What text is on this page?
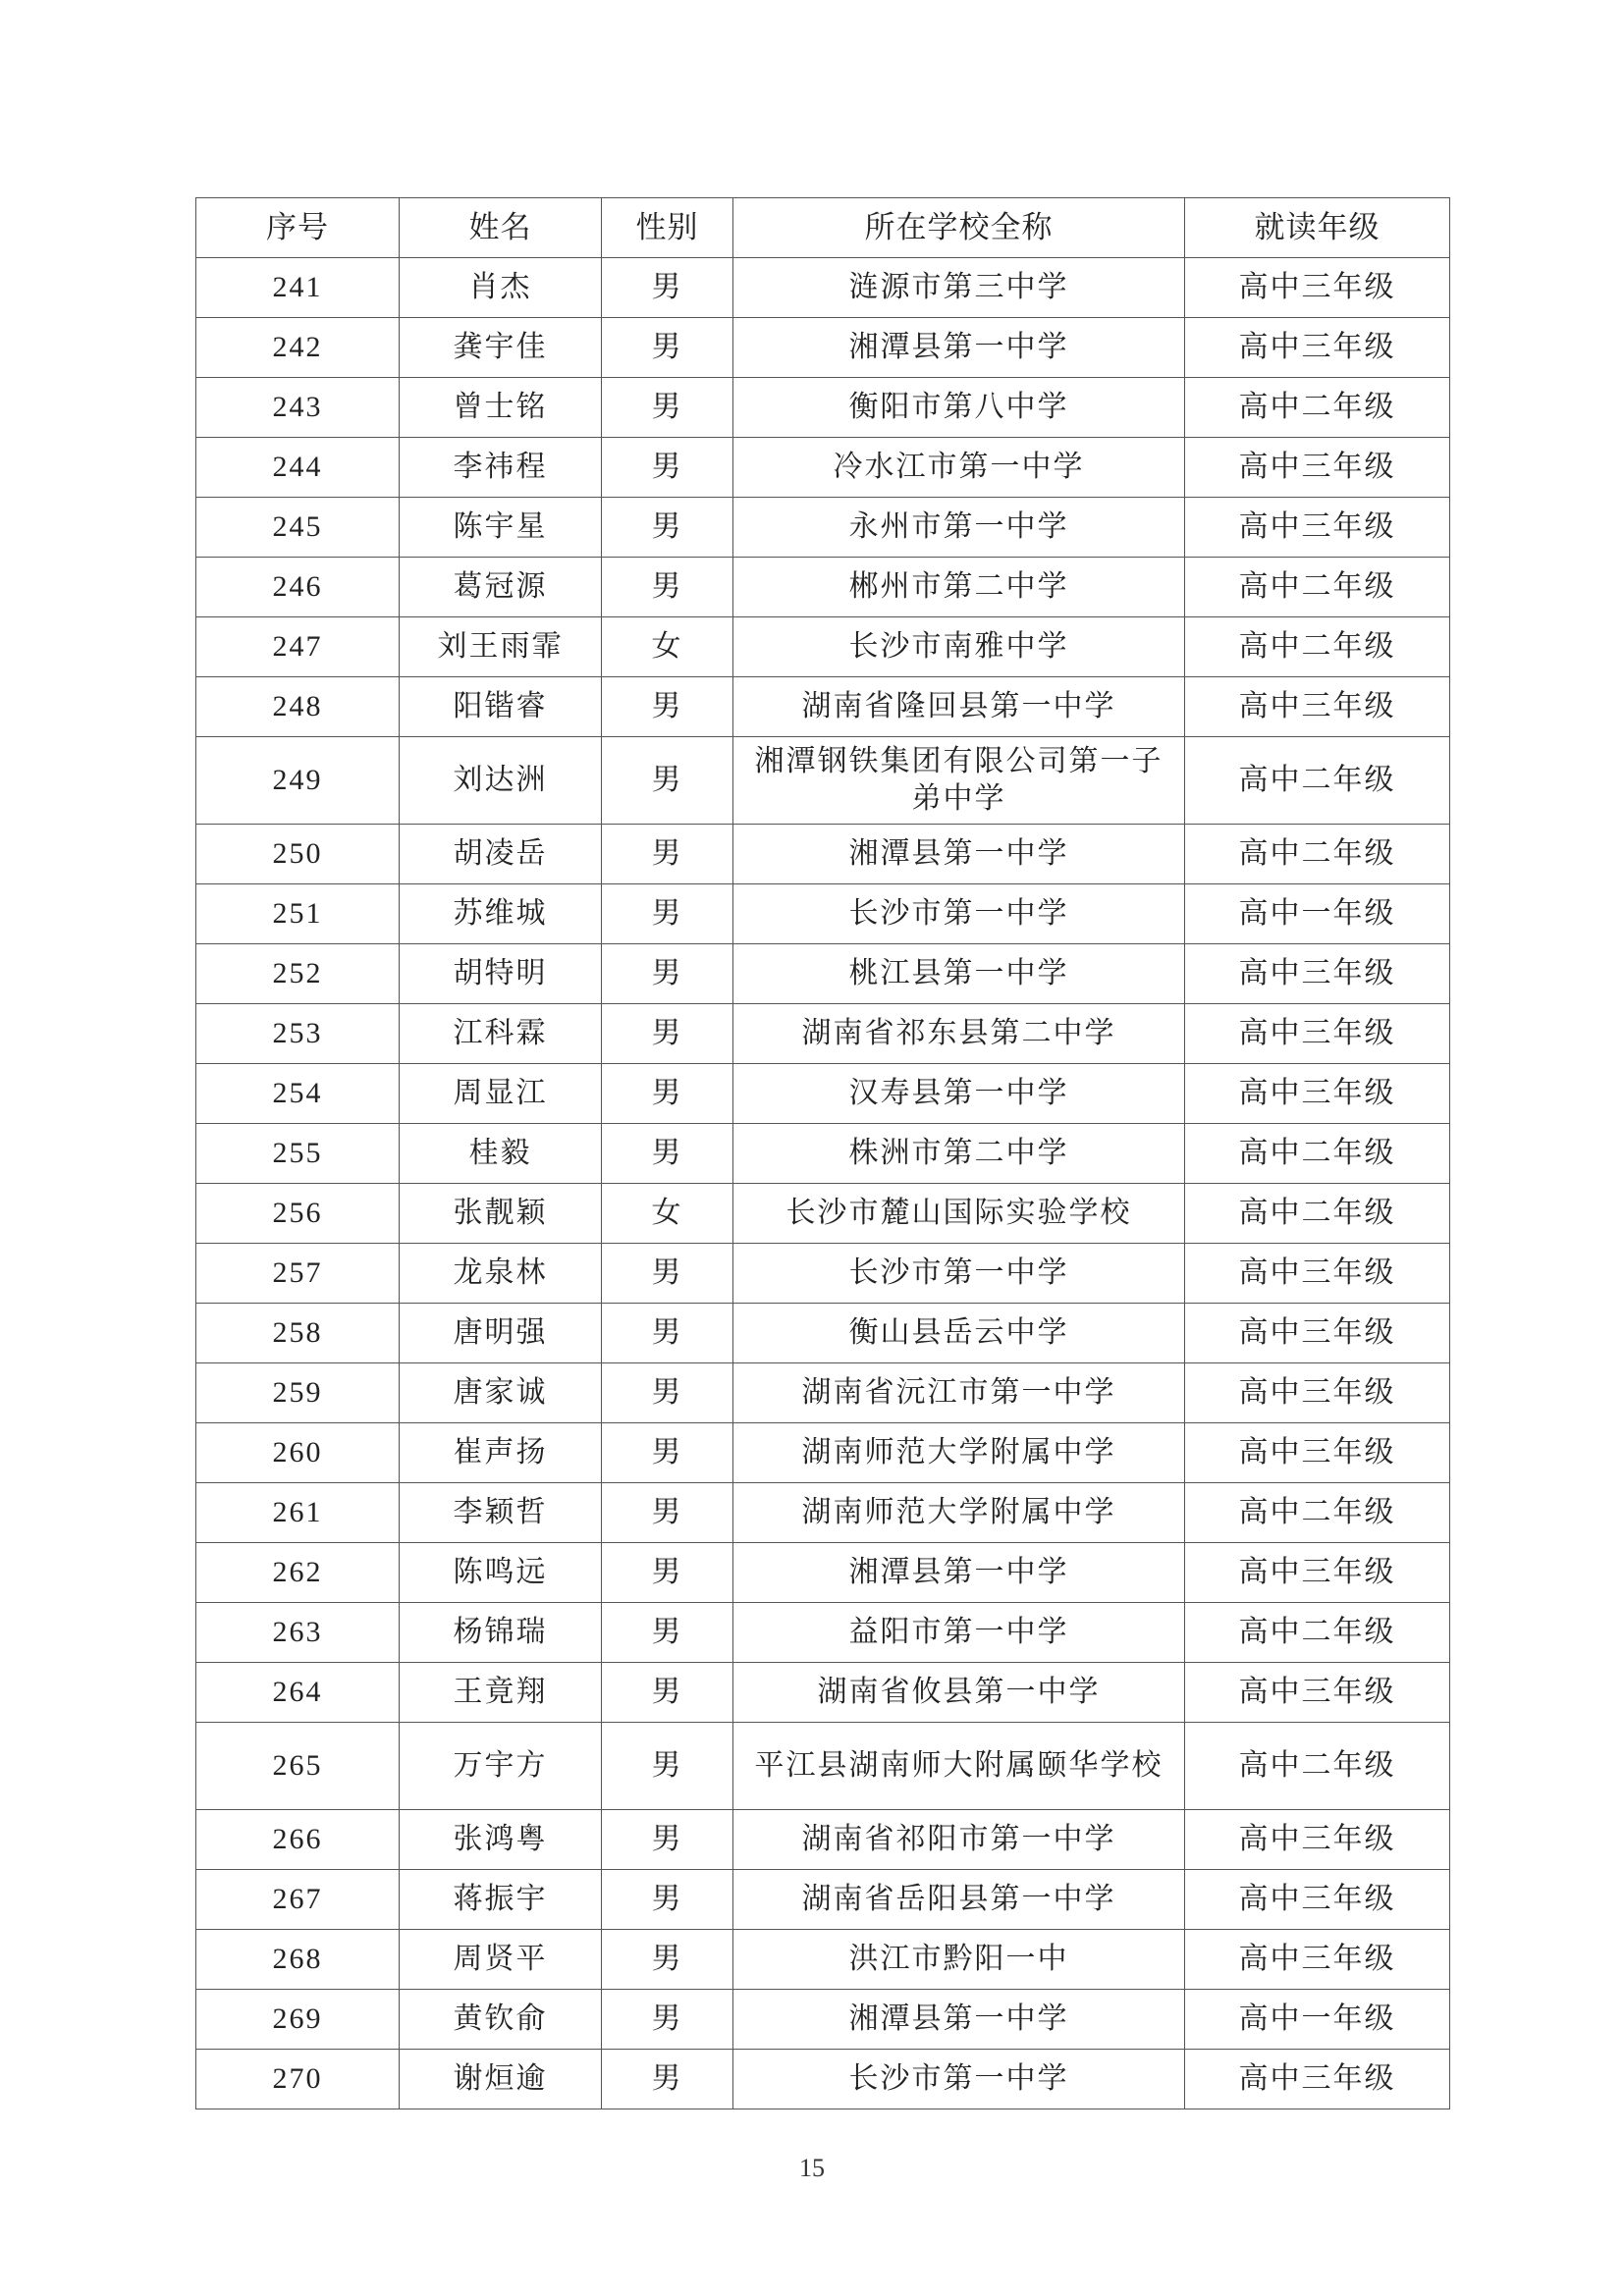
序号	姓名	性别	所在学校全称	就读年级
241	肖杰	男	涟源市第三中学	高中三年级
242	龚宇佳	男	湘潭县第一中学	高中三年级
243	曾士铭	男	衡阳市第八中学	高中二年级
244	李祎程	男	冷水江市第一中学	高中三年级
245	陈宇星	男	永州市第一中学	高中三年级
246	葛冠源	男	郴州市第二中学	高中二年级
247	刘王雨霏	女	长沙市南雅中学	高中二年级
248	阳锴睿	男	湖南省隆回县第一中学	高中三年级
249	刘达洲	男	湘潭钢铁集团有限公司第一子弟中学	高中二年级
250	胡凌岳	男	湘潭县第一中学	高中二年级
251	苏维城	男	长沙市第一中学	高中一年级
252	胡特明	男	桃江县第一中学	高中三年级
253	江科霖	男	湖南省祁东县第二中学	高中三年级
254	周显江	男	汉寿县第一中学	高中三年级
255	桂毅	男	株洲市第二中学	高中二年级
256	张靓颖	女	长沙市麓山国际实验学校	高中二年级
257	龙泉林	男	长沙市第一中学	高中三年级
258	唐明强	男	衡山县岳云中学	高中三年级
259	唐家诚	男	湖南省沅江市第一中学	高中三年级
260	崔声扬	男	湖南师范大学附属中学	高中三年级
261	李颖哲	男	湖南师范大学附属中学	高中二年级
262	陈鸣远	男	湘潭县第一中学	高中三年级
263	杨锦瑞	男	益阳市第一中学	高中二年级
264	王竟翔	男	湖南省攸县第一中学	高中三年级
265	万宇方	男	平江县湖南师大附属颐华学校	高中二年级
266	张鸿粤	男	湖南省祁阳市第一中学	高中三年级
267	蒋振宇	男	湖南省岳阳县第一中学	高中三年级
268	周贤平	男	洪江市黔阳一中	高中三年级
269	黄钦俞	男	湘潭县第一中学	高中一年级
270	谢烜逾	男	长沙市第一中学	高中三年级
15
